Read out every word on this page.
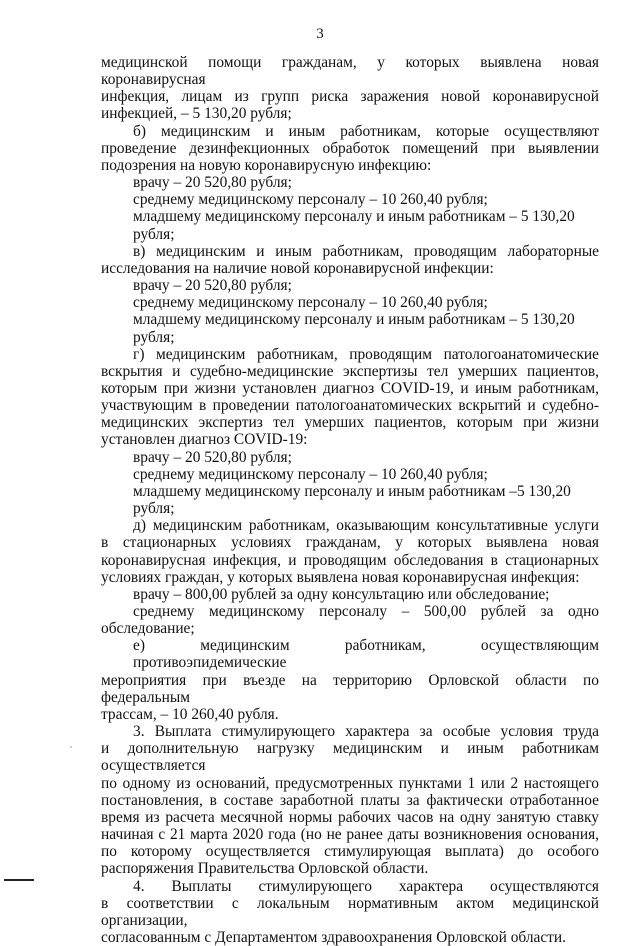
3

медицинской помощи гражданам, у которых выявлена новая коронавирусная

инфекция, лицам из групп риска заражения новой коронавирусной

инфекцией, – 5 130,20 рубля;

б) медицинским и иным работникам, которые осуществляют

проведение дезинфекционных обработок помещений при выявлении

подозрения на новую коронавирусную инфекцию:

врачу – 20 520,80 рубля;

среднему медицинскому персоналу – 10 260,40 рубля;

младшему медицинскому персоналу и иным работникам – 5 130,20 рубля;

в) медицинским и иным работникам, проводящим лабораторные

исследования на наличие новой коронавирусной инфекции:

врачу – 20 520,80 рубля;

среднему медицинскому персоналу – 10 260,40 рубля;

младшему медицинскому персоналу и иным работникам – 5 130,20 рубля;

г) медицинским работникам, проводящим патологоанатомические

вскрытия и судебно-медицинские экспертизы тел умерших пациентов,

которым при жизни установлен диагноз COVID-19, и иным работникам,

участвующим в проведении патологоанатомических вскрытий и судебно-

медицинских экспертиз тел умерших пациентов, которым при жизни

установлен диагноз COVID-19:

врачу – 20 520,80 рубля;

среднему медицинскому персоналу – 10 260,40 рубля;

младшему медицинскому персоналу и иным работникам –5 130,20 рубля;

д) медицинским работникам, оказывающим консультативные услуги

в стационарных условиях гражданам, у которых выявлена новая

коронавирусная инфекция, и проводящим обследования в стационарных

условиях граждан, у которых выявлена новая коронавирусная инфекция:

врачу – 800,00 рублей за одну консультацию или обследование;

среднему медицинскому персоналу – 500,00 рублей за одно

обследование;

е) медицинским работникам, осуществляющим противоэпидемические

мероприятия при въезде на территорию Орловской области по федеральным

трассам, – 10 260,40 рубля.

3. Выплата стимулирующего характера за особые условия труда

и дополнительную нагрузку медицинским и иным работникам осуществляется

по одному из оснований, предусмотренных пунктами 1 или 2 настоящего

постановления, в составе заработной платы за фактически отработанное

время из расчета месячной нормы рабочих часов на одну занятую ставку

начиная с 21 марта 2020 года (но не ранее даты возникновения основания,

по которому осуществляется стимулирующая выплата) до особого

распоряжения Правительства Орловской области.

4. Выплаты стимулирующего характера осуществляются

в соответствии с локальным нормативным актом медицинской организации,

согласованным с Департаментом здравоохранения Орловской области.
